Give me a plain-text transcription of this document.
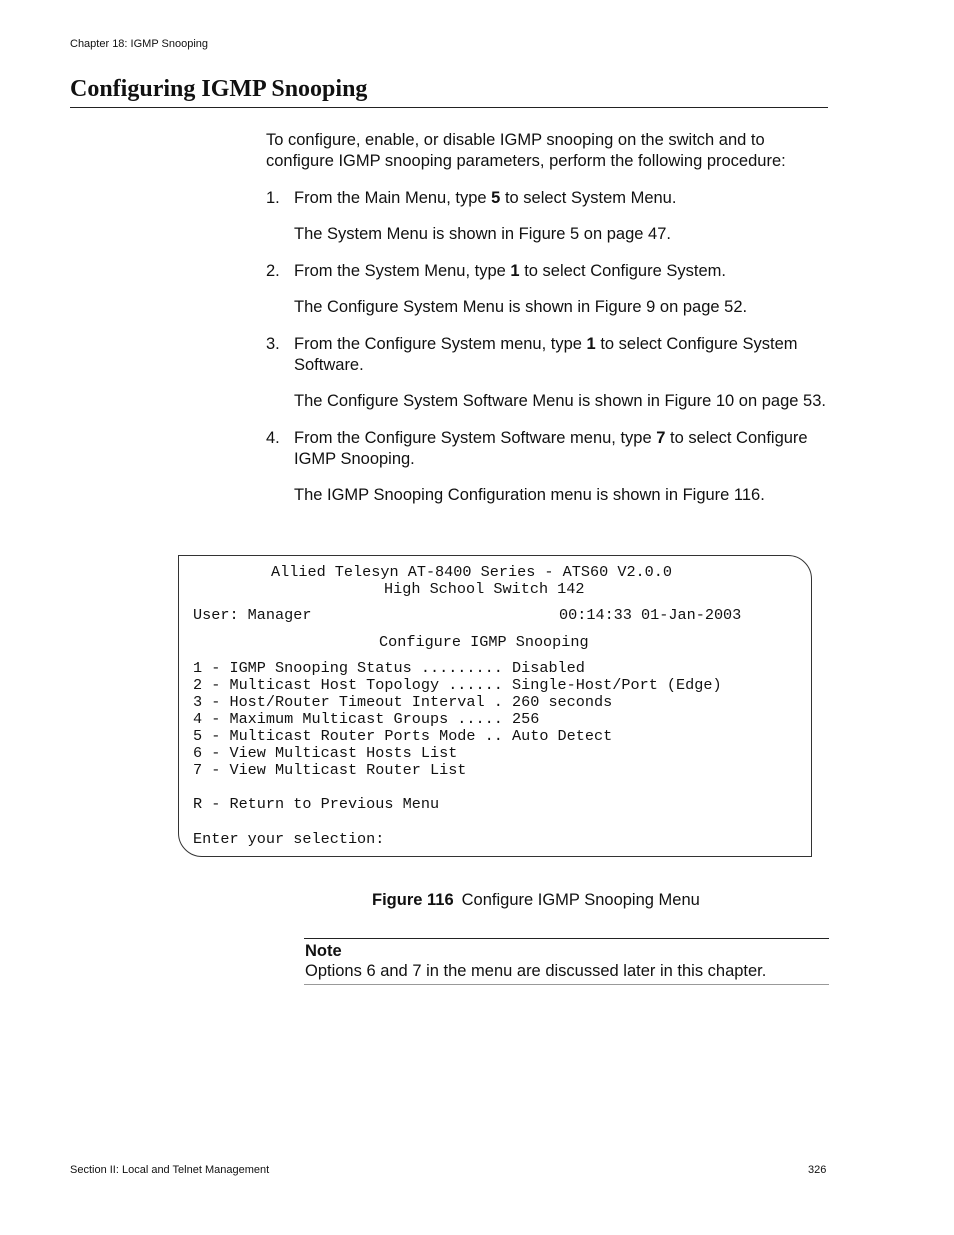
Chapter 18: IGMP Snooping
Configuring IGMP Snooping

To configure, enable, or disable IGMP snooping on the switch and to configure IGMP snooping parameters, perform the following procedure:

1. From the Main Menu, type 5 to select System Menu.

The System Menu is shown in Figure 5 on page 47.

2. From the System Menu, type 1 to select Configure System.

The Configure System Menu is shown in Figure 9 on page 52.

3. From the Configure System menu, type 1 to select Configure System Software.

The Configure System Software Menu is shown in Figure 10 on page 53.

4. From the Configure System Software menu, type 7 to select Configure IGMP Snooping.

The IGMP Snooping Configuration menu is shown in Figure 116.

Allied Telesyn AT-8400 Series - ATS60 V2.0.0
High School Switch 142
User: Manager	00:14:33 01-Jan-2003
Configure IGMP Snooping
1 - IGMP Snooping Status ......... Disabled
2 - Multicast Host Topology ...... Single-Host/Port (Edge)
3 - Host/Router Timeout Interval . 260 seconds
4 - Maximum Multicast Groups ..... 256
5 - Multicast Router Ports Mode .. Auto Detect
6 - View Multicast Hosts List
7 - View Multicast Router List
R - Return to Previous Menu
Enter your selection:
Figure 116 Configure IGMP Snooping Menu
Note
Options 6 and 7 in the menu are discussed later in this chapter.
Section II: Local and Telnet Management	326
